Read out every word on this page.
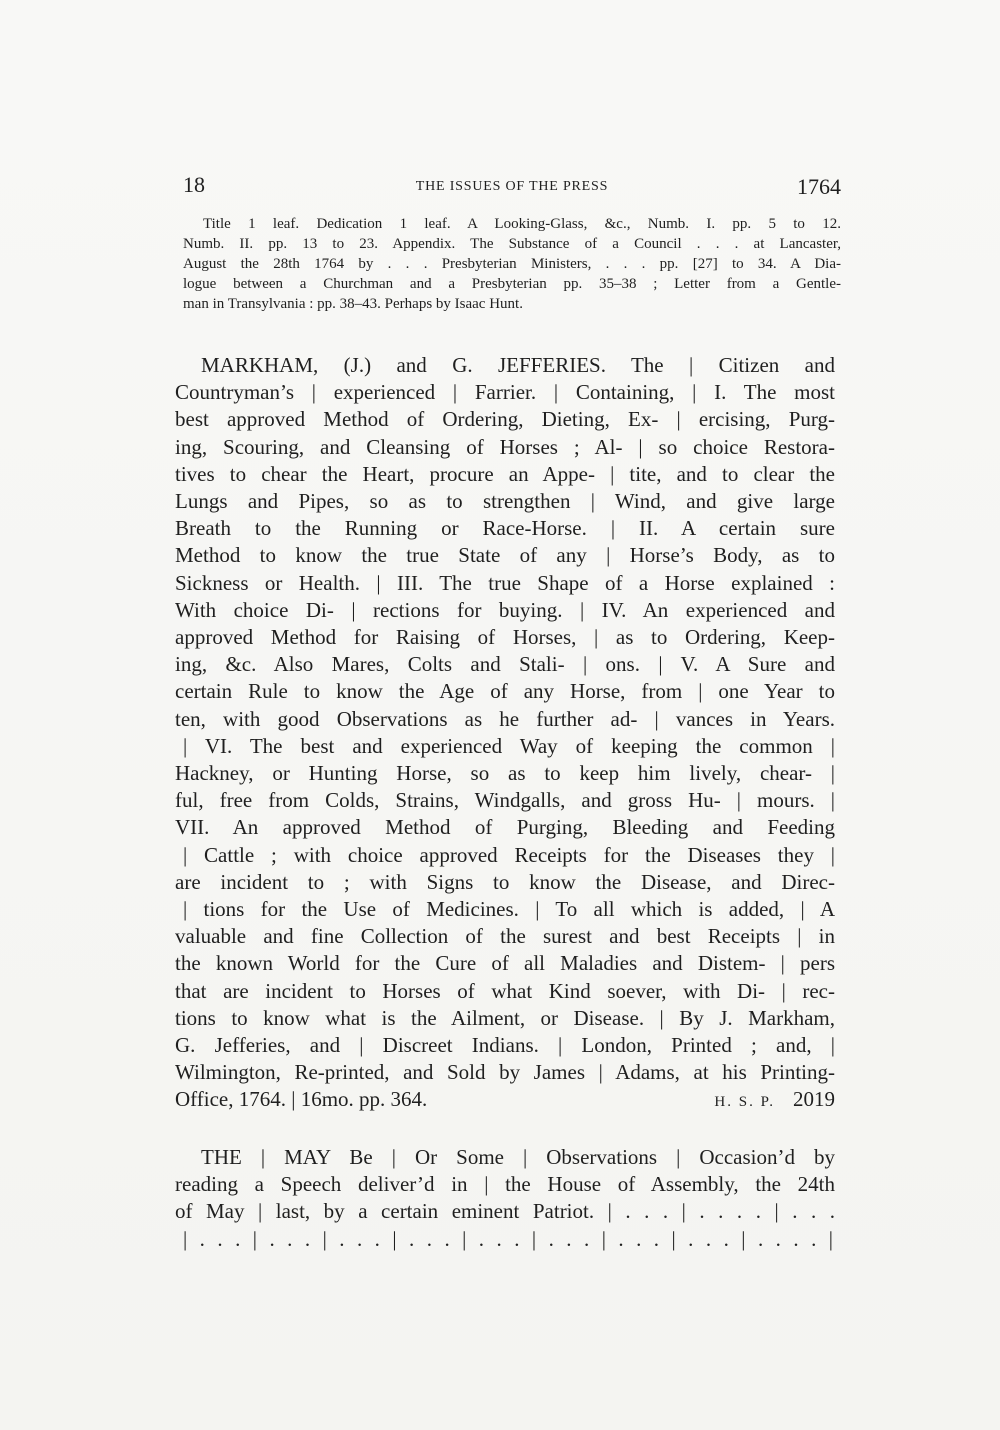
18	THE ISSUES OF THE PRESS	1764
Title 1 leaf. Dedication 1 leaf. A Looking-Glass, &c., Numb. I. pp. 5 to 12.
Numb. II. pp. 13 to 23. Appendix. The Substance of a Council . . . at Lancaster,
August the 28th 1764 by . . . Presbyterian Ministers, . . . pp. [27] to 34. A Dia-
logue between a Churchman and a Presbyterian pp. 35–38 ; Letter from a Gentle-
man in Transylvania : pp. 38–43. Perhaps by Isaac Hunt.
MARKHAM, (J.) and G. JEFFERIES. The | Citizen and
Countryman’s | experienced | Farrier. | Containing, | I. The most
best approved Method of Ordering, Dieting, Ex- | ercising, Purg-
ing, Scouring, and Cleansing of Horses ; Al- | so choice Restora-
tives to chear the Heart, procure an Appe- | tite, and to clear the
Lungs and Pipes, so as to strengthen | Wind, and give large
Breath to the Running or Race-Horse. | II. A certain sure
Method to know the true State of any | Horse’s Body, as to
Sickness or Health. | III. The true Shape of a Horse explained :
With choice Di- | rections for buying. | IV. An experienced and
approved Method for Raising of Horses, | as to Ordering, Keep-
ing, &c. Also Mares, Colts and Stali- | ons. | V. A Sure and
certain Rule to know the Age of any Horse, from | one Year to
ten, with good Observations as he further ad- | vances in Years.
| VI. The best and experienced Way of keeping the common |
Hackney, or Hunting Horse, so as to keep him lively, chear- |
ful, free from Colds, Strains, Windgalls, and gross Hu- | mours. |
VII. An approved Method of Purging, Bleeding and Feeding
| Cattle ; with choice approved Receipts for the Diseases they |
are incident to ; with Signs to know the Disease, and Direc-
| tions for the Use of Medicines. | To all which is added, | A
valuable and fine Collection of the surest and best Receipts | in
the known World for the Cure of all Maladies and Distem- | pers
that are incident to Horses of what Kind soever, with Di- | rec-
tions to know what is the Ailment, or Disease. | By J. Markham,
G. Jefferies, and | Discreet Indians. | London, Printed ; and, |
Wilmington, Re-printed, and Sold by James | Adams, at his Printing-
Office, 1764. | 16mo. pp. 364.	H. S. P. 2019
THE | MAY Be | Or Some | Observations | Occasion’d by
reading a Speech deliver’d in | the House of Assembly, the 24th
of May | last, by a certain eminent Patriot. | . . . | . . . . | . . .
| . . . | . . . | . . . | . . . | . . . | . . . | . . . | . . . | . . . . |
